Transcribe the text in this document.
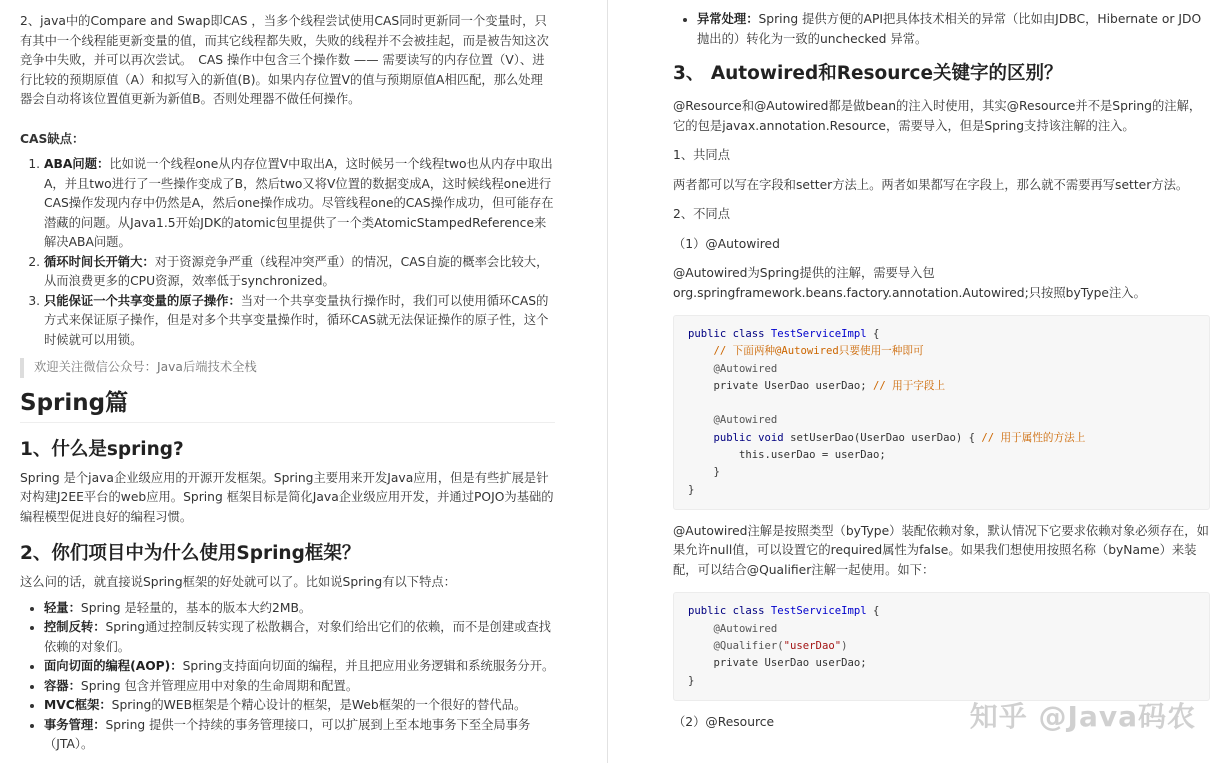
2、java中的Compare and Swap即CAS ，当多个线程尝试使用CAS同时更新同一个变量时，只有其中一个线程能更新变量的值，而其它线程都失败，失败的线程并不会被挂起，而是被告知这次竞争中失败，并可以再次尝试。　CAS 操作中包含三个操作数 —— 需要读写的内存位置（V）、进行比较的预期原值（A）和拟写入的新值(B)。如果内存位置V的值与预期原值A相匹配，那么处理器会自动将该位置值更新为新值B。否则处理器不做任何操作。

CAS缺点：

1. ABA问题：比如说一个线程one从内存位置V中取出A，这时候另一个线程two也从内存中取出A，并且two进行了一些操作变成了B，然后two又将V位置的数据变成A，这时候线程one进行CAS操作发现内存中仍然是A，然后one操作成功。尽管线程one的CAS操作成功，但可能存在潜藏的问题。从Java1.5开始JDK的atomic包里提供了一个类AtomicStampedReference来解决ABA问题。
2. 循环时间长开销大：对于资源竞争严重（线程冲突严重）的情况，CAS自旋的概率会比较大，从而浪费更多的CPU资源，效率低于synchronized。
3. 只能保证一个共享变量的原子操作：当对一个共享变量执行操作时，我们可以使用循环CAS的方式来保证原子操作，但是对多个共享变量操作时，循环CAS就无法保证操作的原子性，这个时候就可以用锁。
欢迎关注微信公众号：Java后端技术全栈
Spring篇
1、什么是spring?

Spring 是个java企业级应用的开源开发框架。Spring主要用来开发Java应用，但是有些扩展是针对构建J2EE平台的web应用。Spring 框架目标是简化Java企业级应用开发，并通过POJO为基础的编程模型促进良好的编程习惯。

2、你们项目中为什么使用Spring框架？

这么问的话，就直接说Spring框架的好处就可以了。比如说Spring有以下特点：

• 轻量：Spring 是轻量的，基本的版本大约2MB。
• 控制反转：Spring通过控制反转实现了松散耦合，对象们给出它们的依赖，而不是创建或查找依赖的对象们。
• 面向切面的编程(AOP)：Spring支持面向切面的编程，并且把应用业务逻辑和系统服务分开。
• 容器：Spring 包含并管理应用中对象的生命周期和配置。
• MVC框架：Spring的WEB框架是个精心设计的框架，是Web框架的一个很好的替代品。
• 事务管理：Spring 提供一个持续的事务管理接口，可以扩展到上至本地事务下至全局事务（JTA）。
• 异常处理：Spring 提供方便的API把具体技术相关的异常（比如由JDBC，Hibernate or JDO抛出的）转化为一致的unchecked 异常。
3、 Autowired和Resource关键字的区别？

@Resource和@Autowired都是做bean的注入时使用，其实@Resource并不是Spring的注解，它的包是javax.annotation.Resource，需要导入，但是Spring支持该注解的注入。

1、共同点

两者都可以写在字段和setter方法上。两者如果都写在字段上，那么就不需要再写setter方法。

2、不同点

（1）@Autowired

@Autowired为Spring提供的注解，需要导入包org.springframework.beans.factory.annotation.Autowired;只按照byType注入。

public class TestServiceImpl {
// 下面两种@Autowired只要使用一种即可
@Autowired
private UserDao userDao; // 用于字段上

@Autowired
public void setUserDao(UserDao userDao) { // 用于属性的方法上
this.userDao = userDao;
}
}

@Autowired注解是按照类型（byType）装配依赖对象，默认情况下它要求依赖对象必须存在，如果允许null值，可以设置它的required属性为false。如果我们想使用按照名称（byName）来装配，可以结合@Qualifier注解一起使用。如下：

public class TestServiceImpl {
@Autowired
@Qualifier("userDao")
private UserDao userDao;
}

（2）@Resource	知乎 @Java码农
